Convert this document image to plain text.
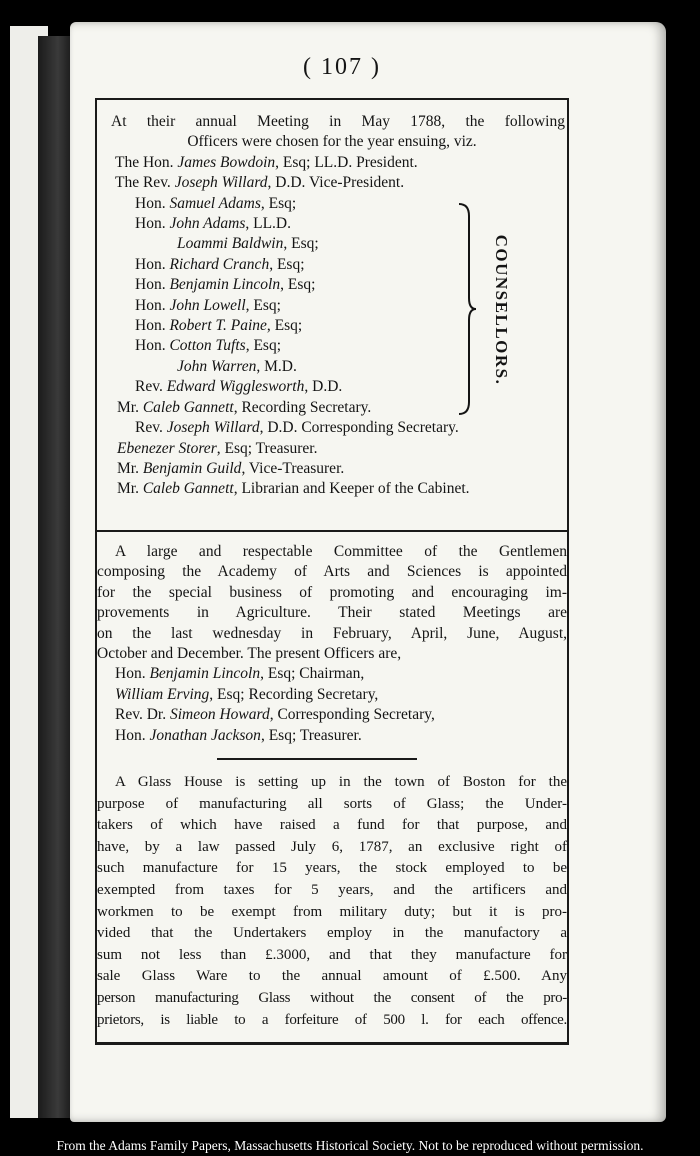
( 107 )
At their annual Meeting in May 1788, the following
Officers were chosen for the year ensuing, viz.
The Hon. James Bowdoin, Esq; LL.D. President.
The Rev. Joseph Willard, D.D. Vice-President.
Hon. Samuel Adams, Esq;
Hon. John Adams, LL.D.
Loammi Baldwin, Esq;
Hon. Richard Cranch, Esq;
Hon. Benjamin Lincoln, Esq;
Hon. John Lowell, Esq;
Hon. Robert T. Paine, Esq;
Hon. Cotton Tufts, Esq;
John Warren, M.D.
Rev. Edward Wigglesworth, D.D.
Mr. Caleb Gannett, Recording Secretary.
Rev. Joseph Willard, D.D. Corresponding Secretary.
Ebenezer Storer, Esq; Treasurer.
Mr. Benjamin Guild, Vice-Treasurer.
Mr. Caleb Gannett, Librarian and Keeper of the Cabinet.
COUNSELLORS.
A large and respectable Committee of the Gentlemen
composing the Academy of Arts and Sciences is appointed
for the special business of promoting and encouraging im-
provements in Agriculture. Their stated Meetings are
on the last wednesday in February, April, June, August,
October and December. The present Officers are,
Hon. Benjamin Lincoln, Esq; Chairman,
William Erving, Esq; Recording Secretary,
Rev. Dr. Simeon Howard, Corresponding Secretary,
Hon. Jonathan Jackson, Esq; Treasurer.
A Glass House is setting up in the town of Boston for the
purpose of manufacturing all sorts of Glass; the Under-
takers of which have raised a fund for that purpose, and
have, by a law passed July 6, 1787, an exclusive right of
such manufacture for 15 years, the stock employed to be
exempted from taxes for 5 years, and the artificers and
workmen to be exempt from military duty; but it is pro-
vided that the Undertakers employ in the manufactory a
sum not less than £.3000, and that they manufacture for
sale Glass Ware to the annual amount of £.500. Any
person manufacturing Glass without the consent of the pro-
prietors, is liable to a forfeiture of 500 l. for each offence.
From the Adams Family Papers, Massachusetts Historical Society. Not to be reproduced without permission.
